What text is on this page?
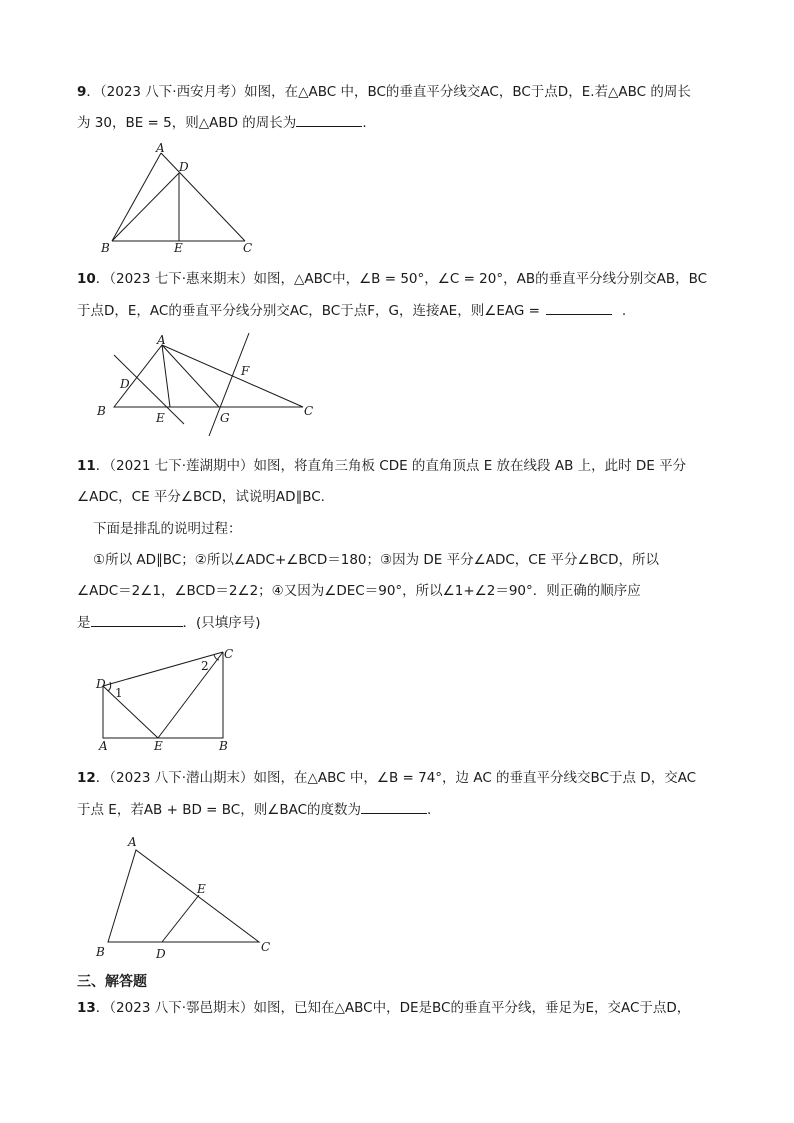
9．（2023 八下·西安月考）如图，在△ABC 中，BC的垂直平分线交AC，BC于点D，E.若△ABC 的周长
为 30，BE = 5，则△ABD 的周长为	.
A
D
B	E	C
10．（2023 七下·惠来期末）如图，△ABC中，∠B = 50°，∠C = 20°，AB的垂直平分线分别交AB，BC
于点D，E，AC的垂直平分线分别交AC，BC于点F，G，连接AE，则∠EAG =	.
A
D
F
B	E	G	C
11．（2021 七下·莲湖期中）如图，将直角三角板 CDE 的直角顶点 E 放在线段 AB 上，此时 DE 平分
∠ADC，CE 平分∠BCD，试说明AD∥BC.
下面是排乱的说明过程：
①所以 AD∥BC；②所以∠ADC+∠BCD＝180；③因为 DE 平分∠ADC，CE 平分∠BCD，所以
∠ADC＝2∠1，∠BCD＝2∠2；④又因为∠DEC＝90°，所以∠1+∠2＝90°．则正确的顺序应
是	．(只填序号)
1
2
D
C
A	E	B
12．（2023 八下·潜山期末）如图，在△ABC 中，∠B = 74°，边 AC 的垂直平分线交BC于点 D，交AC
于点 E，若AB + BD = BC，则∠BAC的度数为	.
A
E
B	D	C
三、解答题
13．（2023 八下·鄠邑期末）如图，已知在△ABC中，DE是BC的垂直平分线，垂足为E，交AC于点D，
